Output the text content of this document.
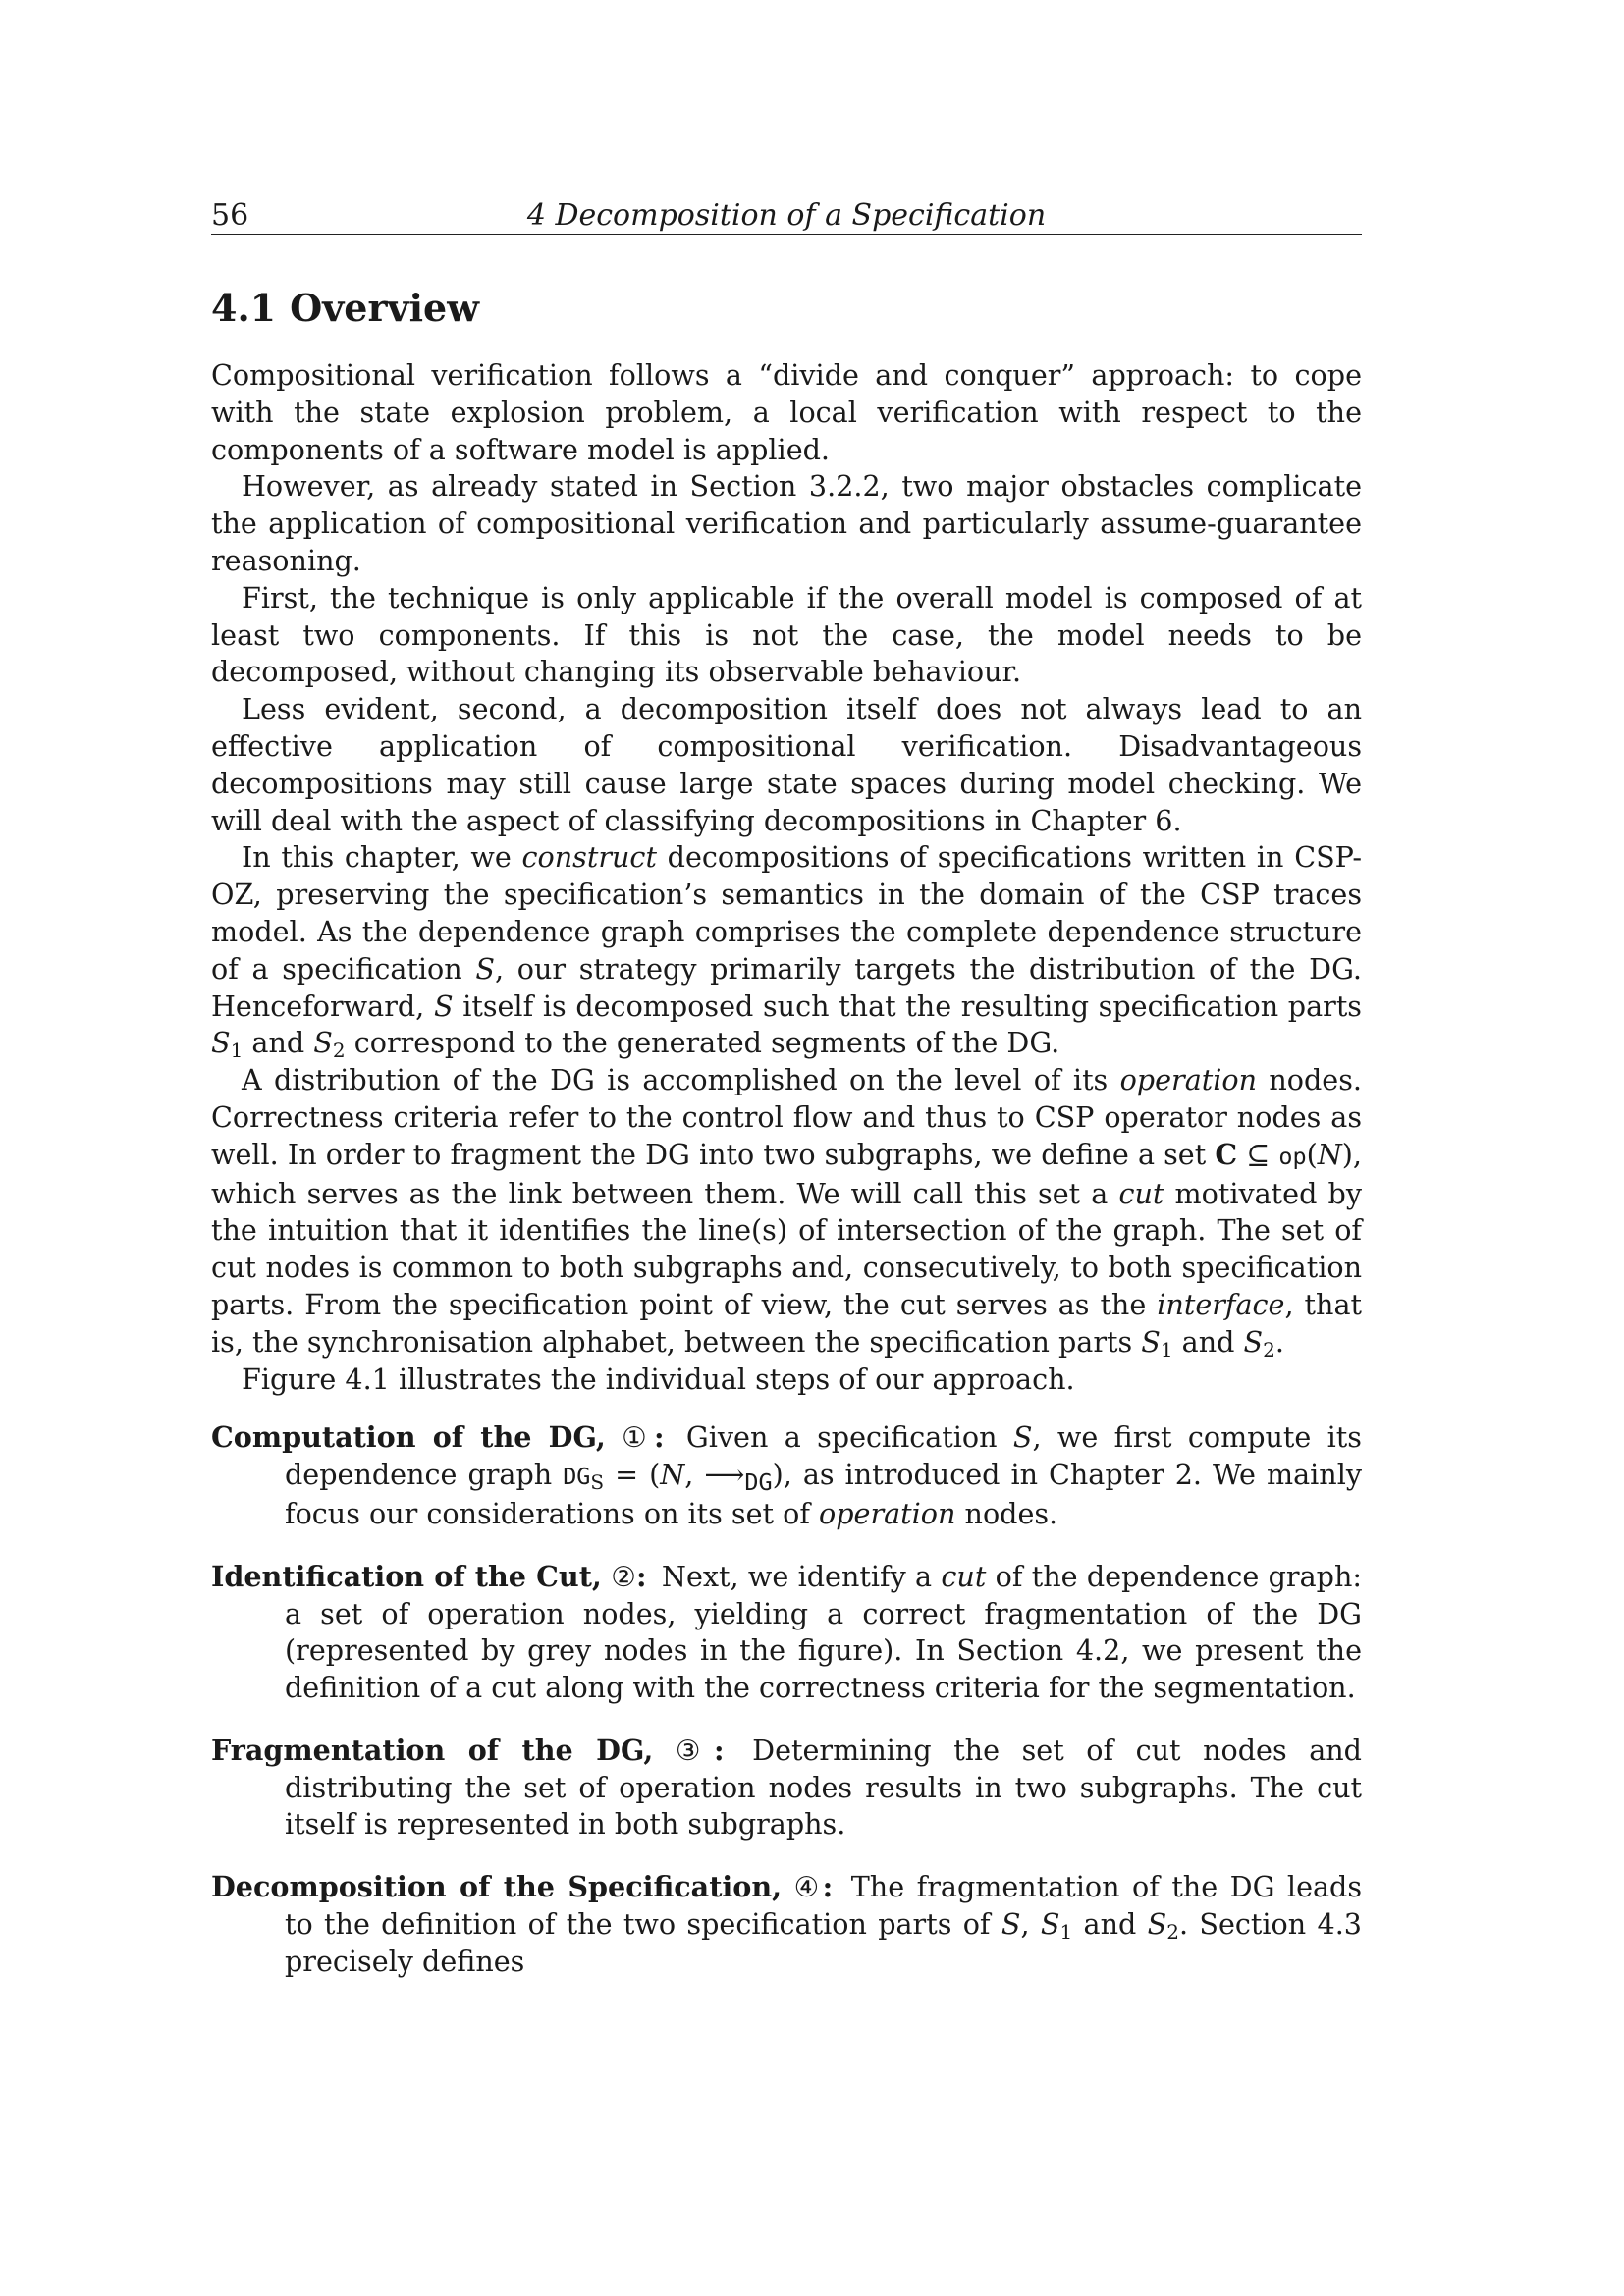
56	4 Decomposition of a Specification
4.1 Overview

Compositional verification follows a “divide and conquer” approach: to cope with the state explosion problem, a local verification with respect to the components of a software model is applied.

However, as already stated in Section 3.2.2, two major obstacles complicate the application of compositional verification and particularly assume-guarantee reasoning.

First, the technique is only applicable if the overall model is composed of at least two components. If this is not the case, the model needs to be decomposed, without changing its observable behaviour.

Less evident, second, a decomposition itself does not always lead to an effective application of compositional verification. Disadvantageous decompositions may still cause large state spaces during model checking. We will deal with the aspect of classifying decompositions in Chapter 6.

In this chapter, we construct decompositions of specifications written in CSP-OZ, preserving the specification’s semantics in the domain of the CSP traces model. As the dependence graph comprises the complete dependence structure of a specification S, our strategy primarily targets the distribution of the DG. Henceforward, S itself is decomposed such that the resulting specification parts $S_1$ and $S_2$ correspond to the generated segments of the DG.

A distribution of the DG is accomplished on the level of its operation nodes. Correctness criteria refer to the control flow and thus to CSP operator nodes as well. In order to fragment the DG into two subgraphs, we define a set C ⊆ op(N), which serves as the link between them. We will call this set a cut motivated by the intuition that it identifies the line(s) of intersection of the graph. The set of cut nodes is common to both subgraphs and, consecutively, to both specification parts. From the specification point of view, the cut serves as the interface, that is, the synchronisation alphabet, between the specification parts $S_1$ and $S_2$.

Figure 4.1 illustrates the individual steps of our approach.

Computation of the DG, ①: Given a specification S, we first compute its dependence graph $DG_S = (N$, $⟶_{DG}$), as introduced in Chapter 2. We mainly focus our considerations on its set of operation nodes.
Identification of the Cut, ②: Next, we identify a cut of the dependence graph: a set of operation nodes, yielding a correct fragmentation of the DG (represented by grey nodes in the figure). In Section 4.2, we present the definition of a cut along with the correctness criteria for the segmentation.
Fragmentation of the DG, ③: Determining the set of cut nodes and distributing the set of operation nodes results in two subgraphs. The cut itself is represented in both subgraphs.
Decomposition of the Specification, ④: The fragmentation of the DG leads to the definition of the two specification parts of S, $S_1$ and $S_2$. Section 4.3 precisely defines
